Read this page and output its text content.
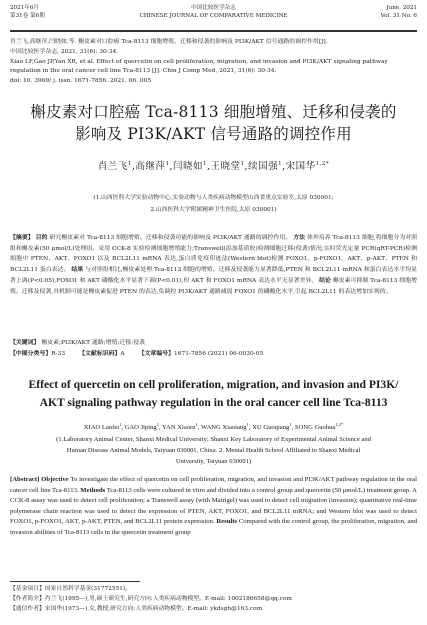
2021年6月	中国比较医学杂志	June, 2021
第31卷 第6期	CHINESE JOURNAL OF COMPARATIVE MEDICINE	Vol. 31 No. 6
肖兰飞,高继萍,闫晓如,等. 槲皮素对口腔癌 Tca-8113 细胞增殖、迁移和侵袭的影响及 PI3K/AKT 信号通路的调控作用[J].
中国比较医学杂志, 2021, 31(6): 30-34.
Xiao LF,Gao JP,Yan XR, et al. Effect of quercetin on cell proliferation, migration, and invasion and PI3K/AKT signaling pathway
regulation in the oral cancer cell line Tca-8113 [J]. Chin J Comp Med, 2021, 31(6): 30-34.
doi: 10. 3969/ j. issn. 1671-7856. 2021. 06. 005
槲皮素对口腔癌 Tca-8113 细胞增殖、迁移和侵袭的
影响及 PI3K/AKT 信号通路的调控作用
肖兰飞$^1$,高继萍$^1$,闫晓如$^1$,王晓堂$^1$,续国强$^1$,宋国华$^{1,2*}$
(1.山西医科大学实验动物中心,实验动物与人类疾病动物模型山西省重点实验室,太原 030001;
2.山西医科大学附属精神卫生医院,太原 030001)

【摘要】 目的 研究槲皮素对 Tca-8113 细胞增殖、迁移和侵袭功能的影响及 PI3K/AKT 通路的调控作用。 方法 体外培养 Tca-8113 细胞,将细胞分为对照组和槲皮素(50 μmol/L)处理组。采用 CCK-8 实验检测细胞增殖能力;Transwell(添加基质胶)检测细胞迁移(侵袭)情况;实时荧光定量 PCR(qRT-PCR)检测细胞中 PTEN、AKT、FOXO1 以及 BCL2L11 mRNA 表达,蛋白质免疫印迹法(Western blot)检测 FOXO1、p-FOXO1、AKT、p-AKT、PTEN 和 BCL2L11 蛋白表达。 结果 与对照组相比,槲皮素处理 Tca-8113 细胞的增殖、迁移及侵袭能力显著降低,PTEN 和 BCL2L11 mRNA 和蛋白表达水平均显著上调(P<0.05),FOXO1 和 AKT 磷酸化水平显著下调(P<0.01),但 AKT 和 FOXO1 mRNA 表达水平无显著差异。 结论 槲皮素可抑制 Tca-8113 细胞增殖、迁移及侵袭,其机制可能是槲皮素促进 PTEN 的表达,负调控 PI3K/AKT 通路减弱 FOXO1 的磷酸化水平,引起 BCL2L11 的表达增加实现的。

【关键词】 槲皮素;PI3K/AKT 通路;增殖;迁移;侵袭
【中图分类号】R-33 【文献标识码】A 【文章编号】1671-7856 (2021) 06-0030-05
Effect of quercetin on cell proliferation, migration, and invasion and PI3K/
AKT signaling pathway regulation in the oral cancer cell line Tca-8113
XIAO Lanfei$^1$, GAO Jiping$^1$, YAN Xiaoru$^1$, WANG Xiaotang$^1$, XU Guoqiang$^1$, SONG Guohua$^{1,2*}$
(1.Laboratory Animal Center, Shanxi Medical University; Shanxi Key Laboratory of Experimental Animal Science and
Human Disease Animal Models, Taiyuan 030001, China. 2. Mental Health School Affiliated to Shanxi Medical
University, Taiyuan 030001)

[Abstract] Objective To investigate the effect of quercetin on cell proliferation, migration, and invasion and PI3K/AKT pathway regulation in the oral cancer cell line Tca-8113. Methods Tca-8113 cells were cultured in vitro and divided into a control group and quercetin (50 μmol/L) treatment group. A CCK-8 assay was used to detect cell proliferation; a Transwell assay (with Matrigel) was used to detect cell migration (invasion); quantitative real-time polymerase chain reaction was used to detect the expression of PTEN, AKT, FOXO1, and BCL2L11 mRNA; and Western blot was used to detect FOXO1, p-FOXO1, AKT, p-AKT, PTEN, and BCL2L11 protein expression. Results Compared with the control group, the proliferation, migration, and invasion abilities of Tca-8113 cells in the quercetin treatment group

【基金项目】国家自然科学基金(31772551)。
【作者简介】肖兰飞(1995—),男,硕士研究生,研究方向:人类疾病动物模型。E-mail: 1002186658@qq.com
【通信作者】宋国华(1973—),女,教授,研究方向:人类疾病动物模型。E-mail: ykdsgh@163.com
